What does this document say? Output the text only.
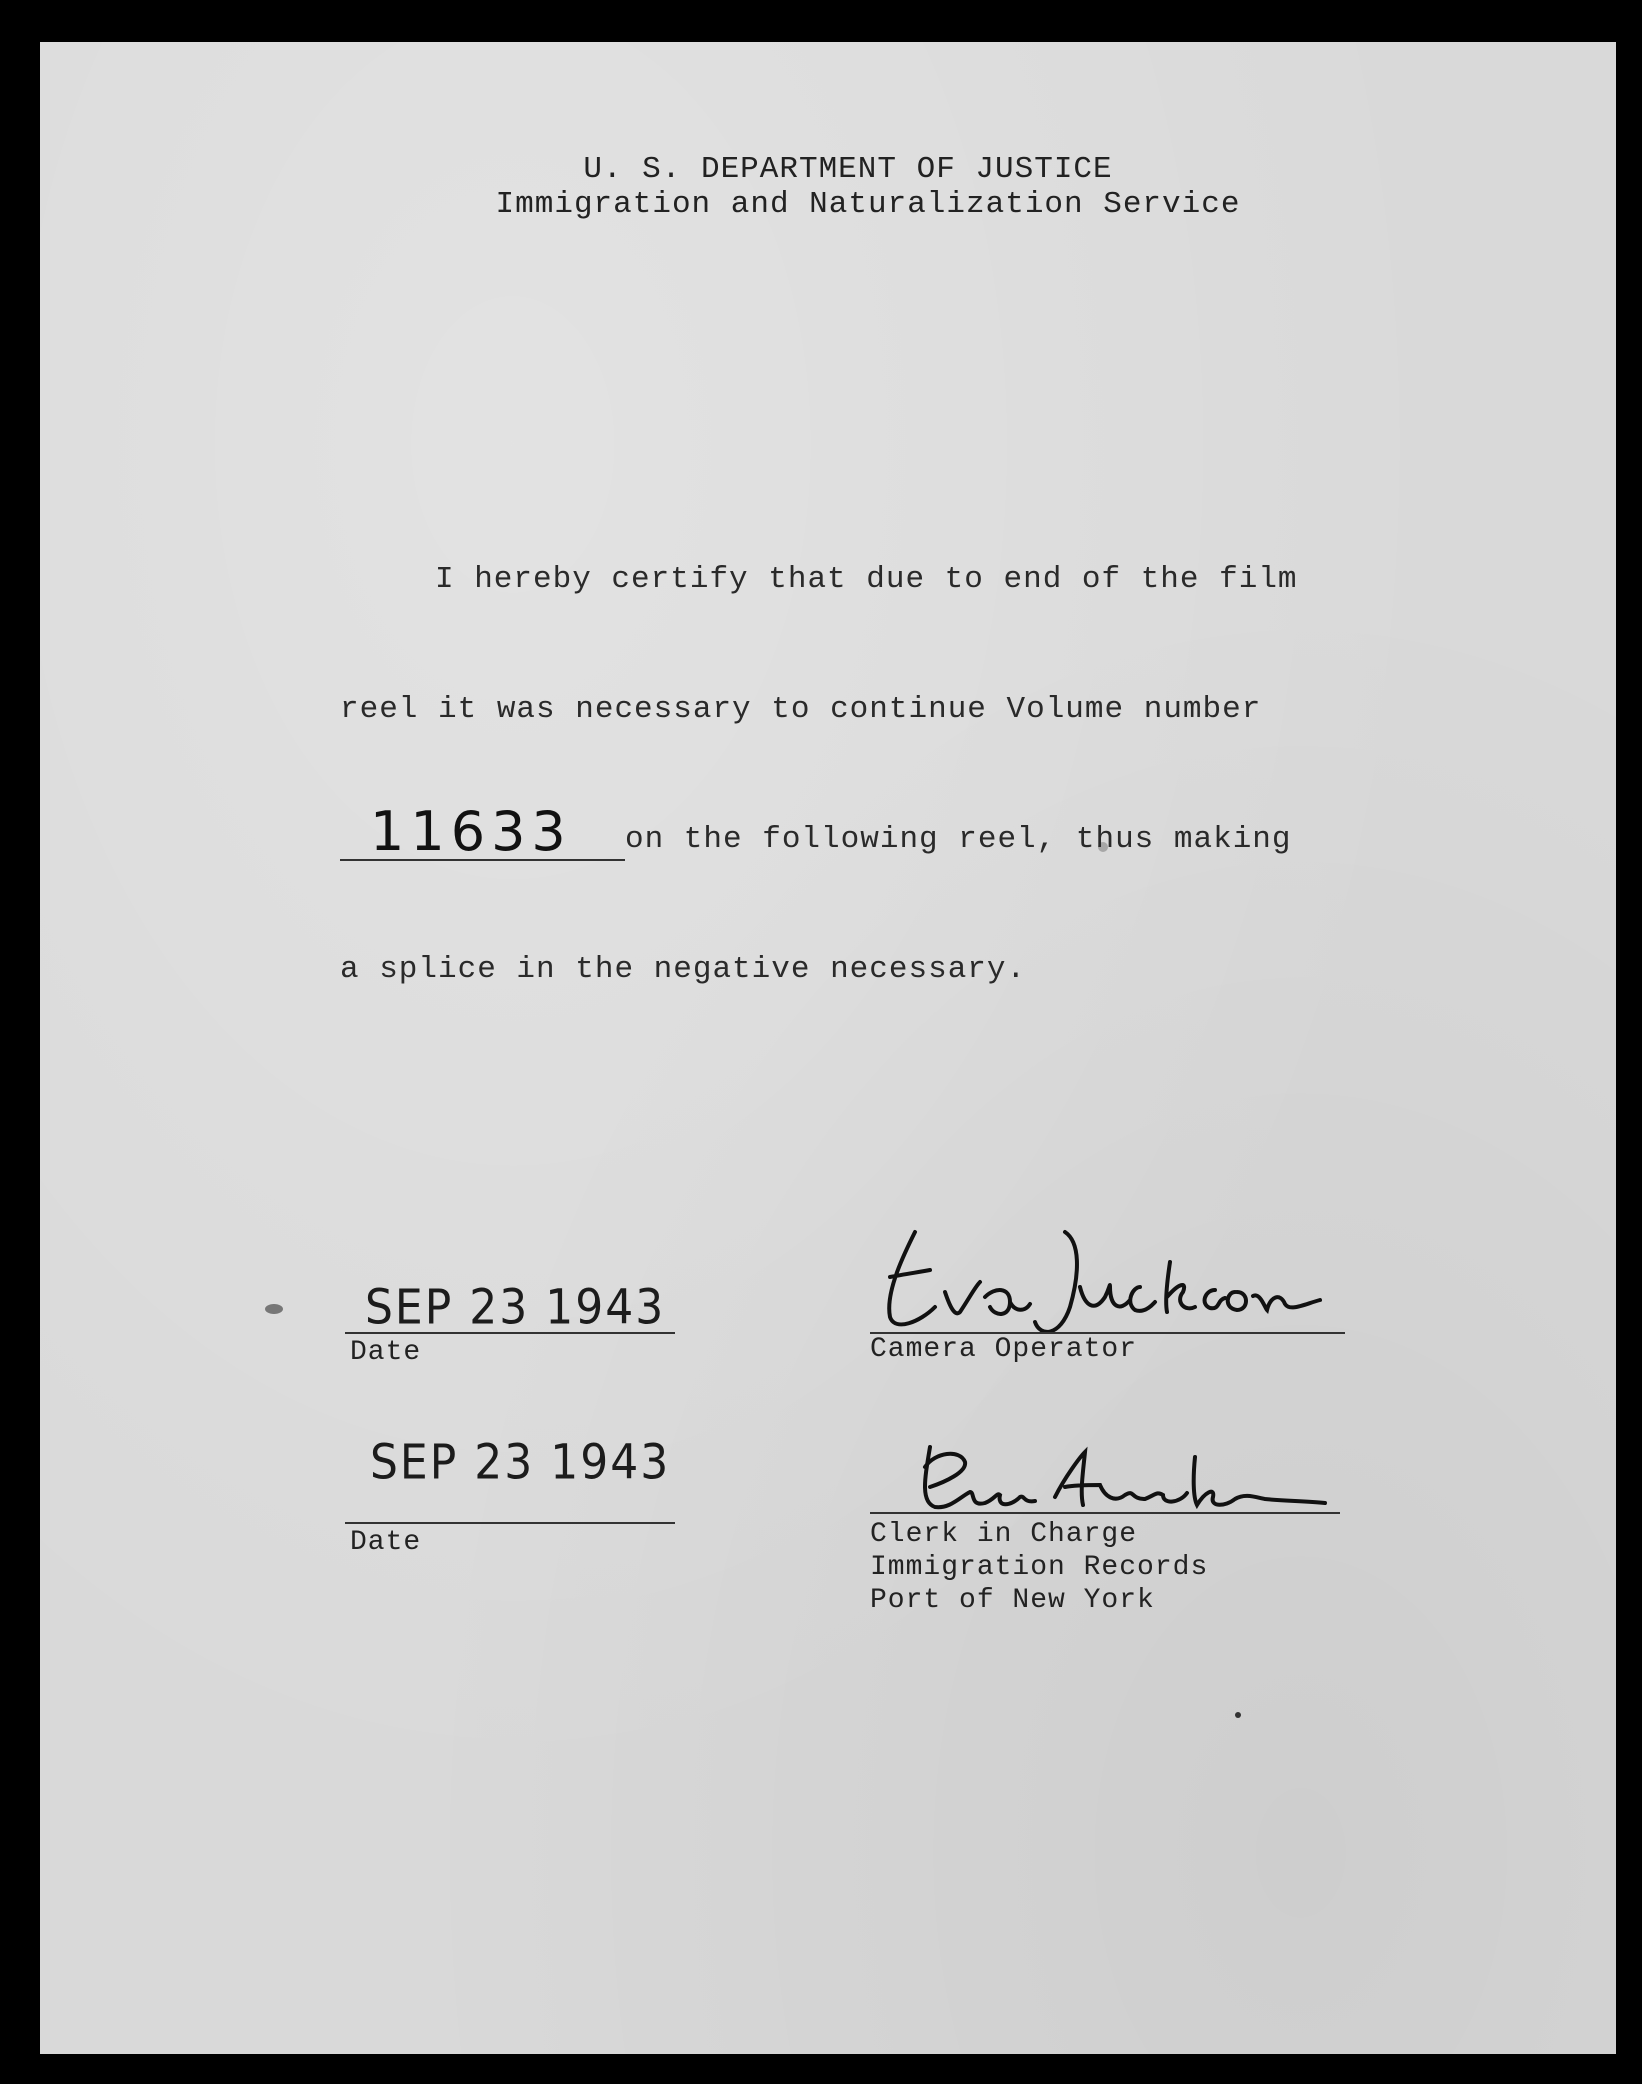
U. S. DEPARTMENT OF JUSTICE
Immigration and Naturalization Service
I hereby certify that due to end of the film
reel it was necessary to continue Volume number
11633 on the following reel, thus making
a splice in the negative necessary.
SEP 23 1943
Date
SEP 23 1943
Date
Camera Operator
Clerk in Charge
Immigration Records
Port of New York
